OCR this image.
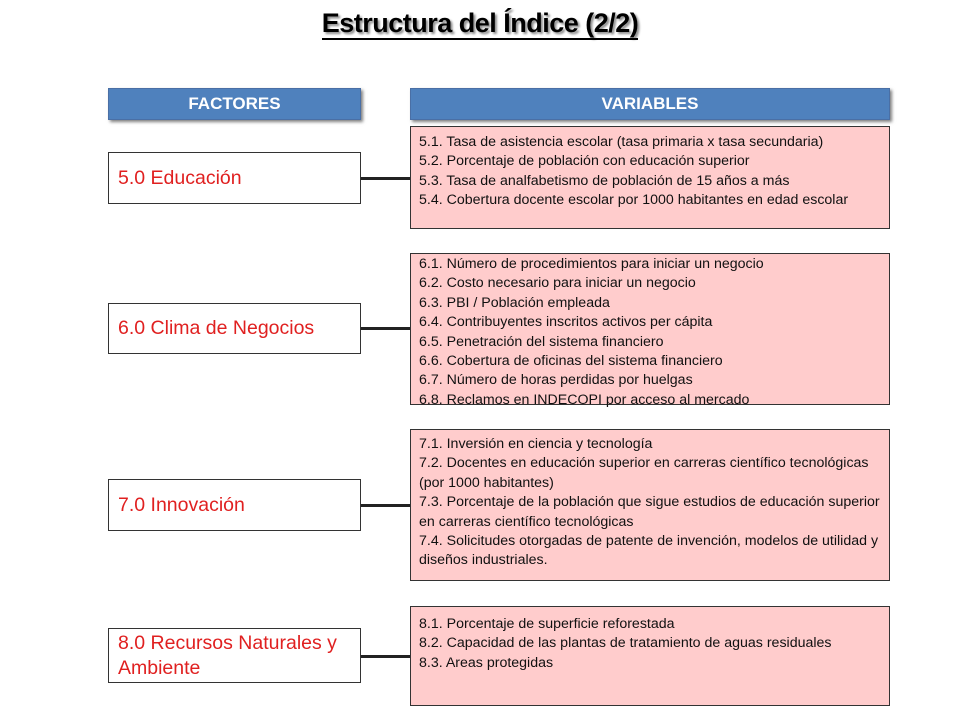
Estructura del Índice (2/2)
FACTORES	VARIABLES
5.0 Educación
5.1. Tasa de asistencia escolar (tasa primaria x tasa secundaria)
5.2. Porcentaje de población con educación superior
5.3. Tasa de analfabetismo de población de 15 años a más
5.4. Cobertura docente escolar por 1000 habitantes en edad escolar
6.0 Clima de Negocios
6.1. Número de procedimientos para iniciar un negocio
6.2. Costo necesario para iniciar un negocio
6.3. PBI / Población empleada
6.4. Contribuyentes inscritos activos per cápita
6.5. Penetración del sistema financiero
6.6. Cobertura de oficinas del sistema financiero
6.7. Número de horas perdidas por huelgas
6.8. Reclamos en INDECOPI por acceso al mercado
7.0 Innovación
7.1. Inversión en ciencia y tecnología
7.2. Docentes en educación superior en carreras científico tecnológicas (por 1000 habitantes)
7.3. Porcentaje de la población que sigue estudios de educación superior en carreras científico tecnológicas
7.4. Solicitudes otorgadas de patente de invención, modelos de utilidad y diseños industriales.
8.0 Recursos Naturales y Ambiente
8.1. Porcentaje de superficie reforestada
8.2. Capacidad de las plantas de tratamiento de aguas residuales
8.3. Areas protegidas
